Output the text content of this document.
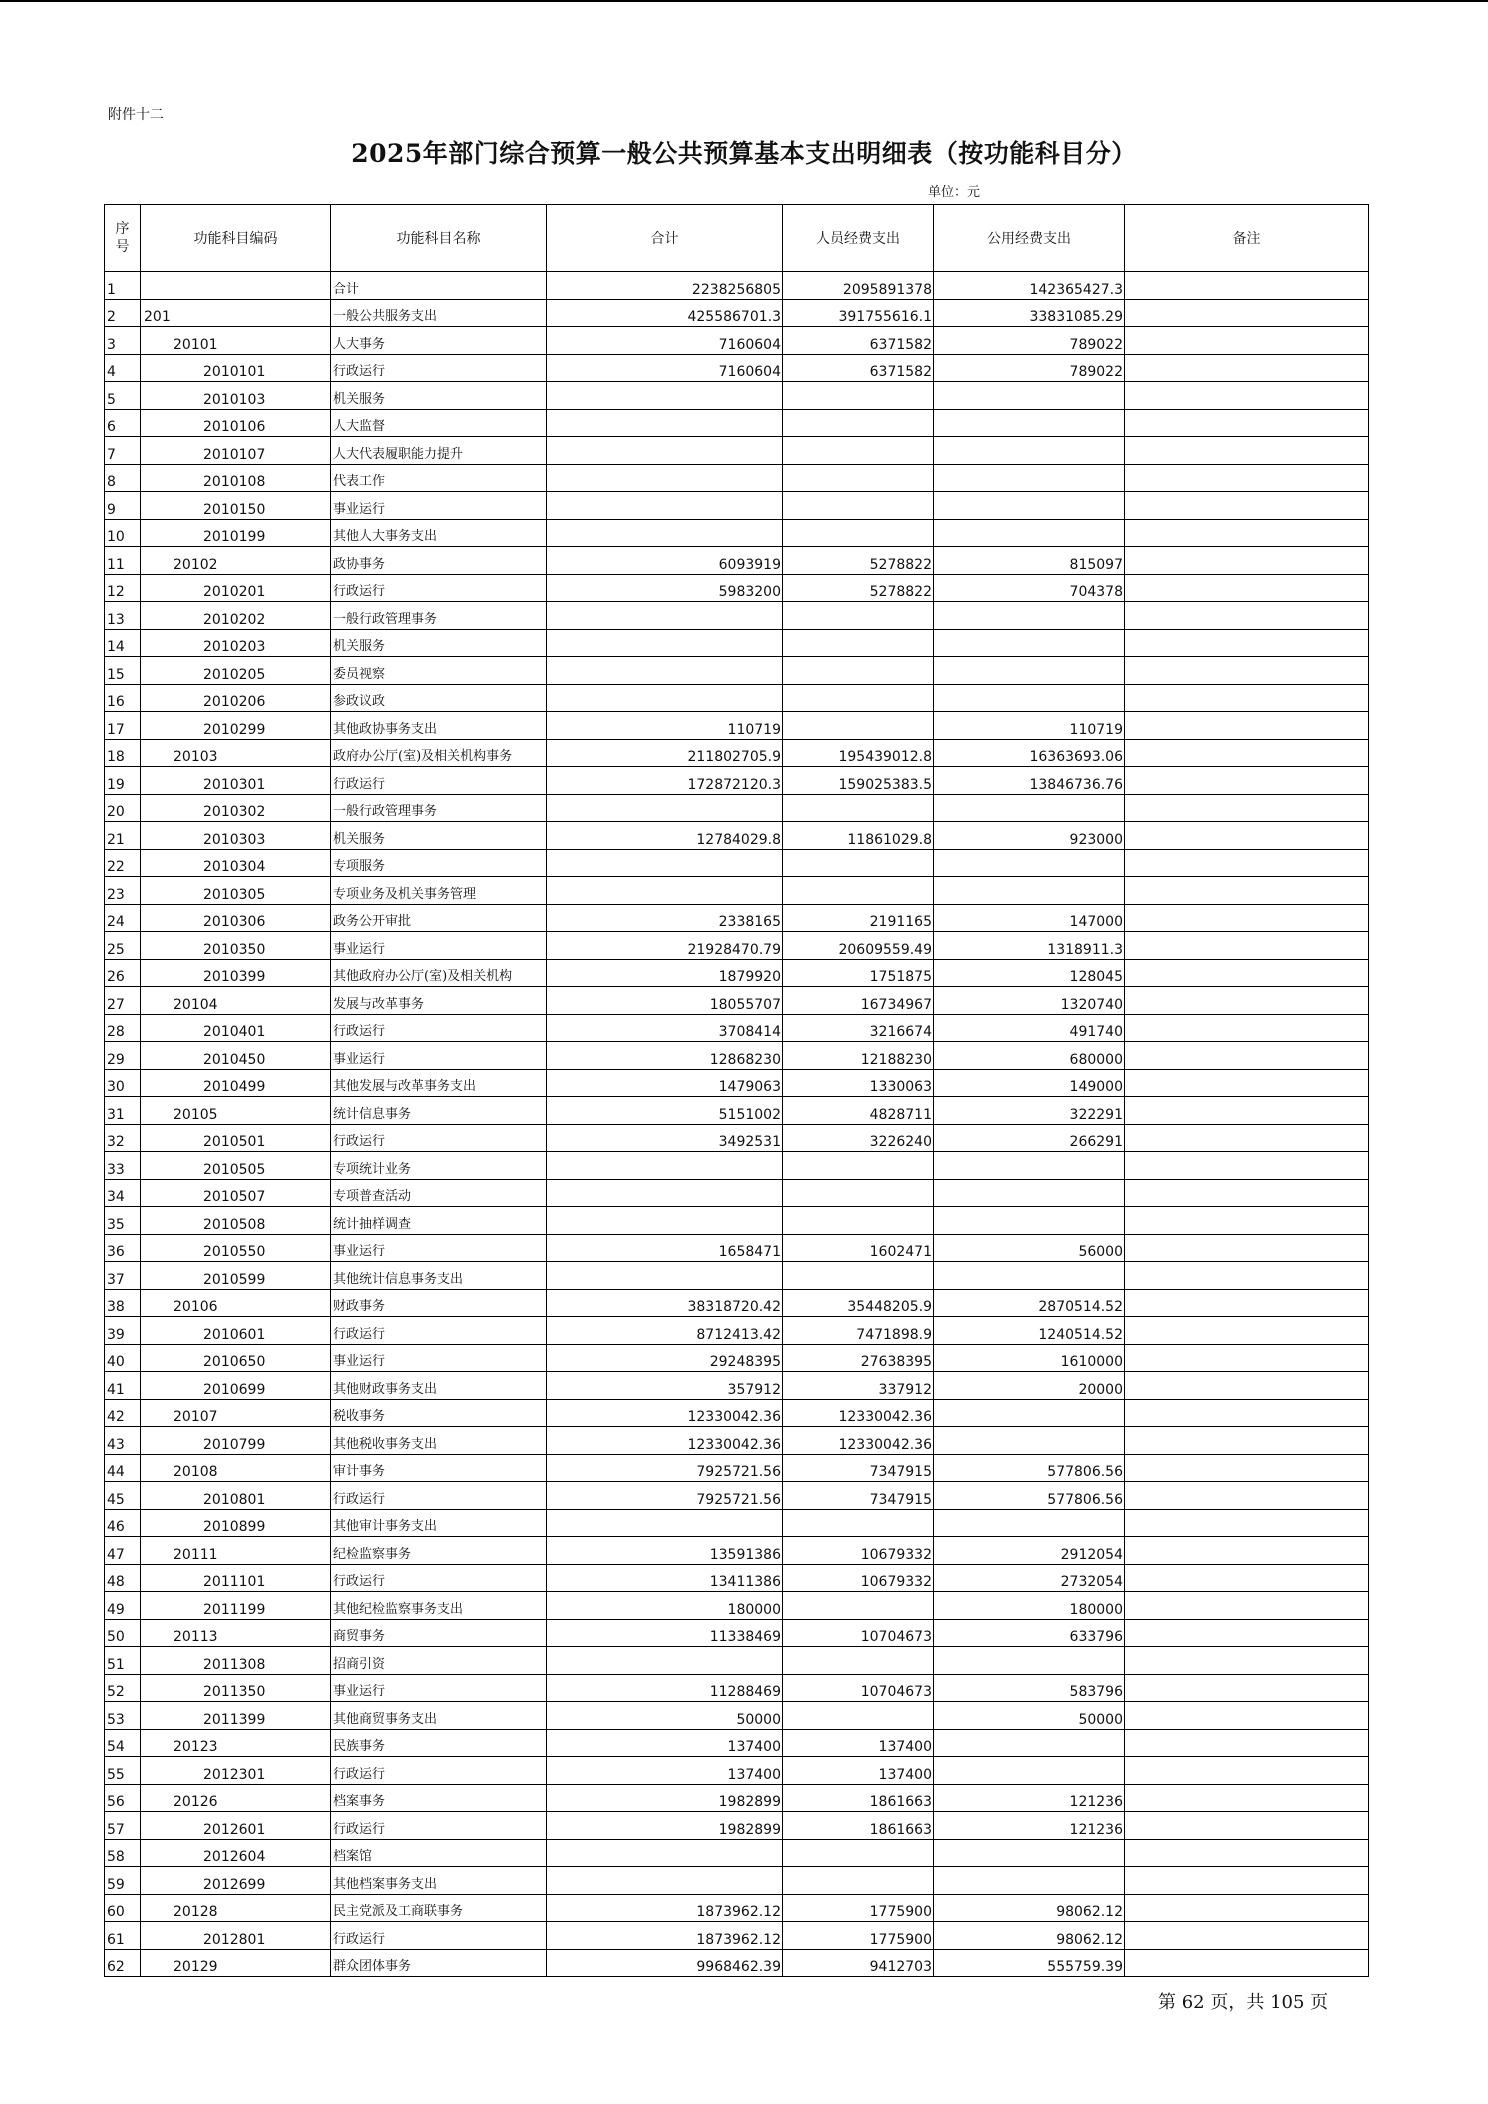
附件十二
2025年部门综合预算一般公共预算基本支出明细表（按功能科目分）
单位：元
序
号	功能科目编码	功能科目名称	合计	人员经费支出	公用经费支出	备注
1		合计	2238256805	2095891378	142365427.3	
2	201	一般公共服务支出	425586701.3	391755616.1	33831085.29	
3	20101	人大事务	7160604	6371582	789022	
4	2010101	行政运行	7160604	6371582	789022	
5	2010103	机关服务				
6	2010106	人大监督				
7	2010107	人大代表履职能力提升				
8	2010108	代表工作				
9	2010150	事业运行				
10	2010199	其他人大事务支出				
11	20102	政协事务	6093919	5278822	815097	
12	2010201	行政运行	5983200	5278822	704378	
13	2010202	一般行政管理事务				
14	2010203	机关服务				
15	2010205	委员视察				
16	2010206	参政议政				
17	2010299	其他政协事务支出	110719		110719	
18	20103	政府办公厅(室)及相关机构事务	211802705.9	195439012.8	16363693.06	
19	2010301	行政运行	172872120.3	159025383.5	13846736.76	
20	2010302	一般行政管理事务				
21	2010303	机关服务	12784029.8	11861029.8	923000	
22	2010304	专项服务				
23	2010305	专项业务及机关事务管理				
24	2010306	政务公开审批	2338165	2191165	147000	
25	2010350	事业运行	21928470.79	20609559.49	1318911.3	
26	2010399	其他政府办公厅(室)及相关机构	1879920	1751875	128045	
27	20104	发展与改革事务	18055707	16734967	1320740	
28	2010401	行政运行	3708414	3216674	491740	
29	2010450	事业运行	12868230	12188230	680000	
30	2010499	其他发展与改革事务支出	1479063	1330063	149000	
31	20105	统计信息事务	5151002	4828711	322291	
32	2010501	行政运行	3492531	3226240	266291	
33	2010505	专项统计业务				
34	2010507	专项普查活动				
35	2010508	统计抽样调查				
36	2010550	事业运行	1658471	1602471	56000	
37	2010599	其他统计信息事务支出				
38	20106	财政事务	38318720.42	35448205.9	2870514.52	
39	2010601	行政运行	8712413.42	7471898.9	1240514.52	
40	2010650	事业运行	29248395	27638395	1610000	
41	2010699	其他财政事务支出	357912	337912	20000	
42	20107	税收事务	12330042.36	12330042.36		
43	2010799	其他税收事务支出	12330042.36	12330042.36		
44	20108	审计事务	7925721.56	7347915	577806.56	
45	2010801	行政运行	7925721.56	7347915	577806.56	
46	2010899	其他审计事务支出				
47	20111	纪检监察事务	13591386	10679332	2912054	
48	2011101	行政运行	13411386	10679332	2732054	
49	2011199	其他纪检监察事务支出	180000		180000	
50	20113	商贸事务	11338469	10704673	633796	
51	2011308	招商引资				
52	2011350	事业运行	11288469	10704673	583796	
53	2011399	其他商贸事务支出	50000		50000	
54	20123	民族事务	137400	137400		
55	2012301	行政运行	137400	137400		
56	20126	档案事务	1982899	1861663	121236	
57	2012601	行政运行	1982899	1861663	121236	
58	2012604	档案馆				
59	2012699	其他档案事务支出				
60	20128	民主党派及工商联事务	1873962.12	1775900	98062.12	
61	2012801	行政运行	1873962.12	1775900	98062.12	
62	20129	群众团体事务	9968462.39	9412703	555759.39	
第 62 页，共 105 页
